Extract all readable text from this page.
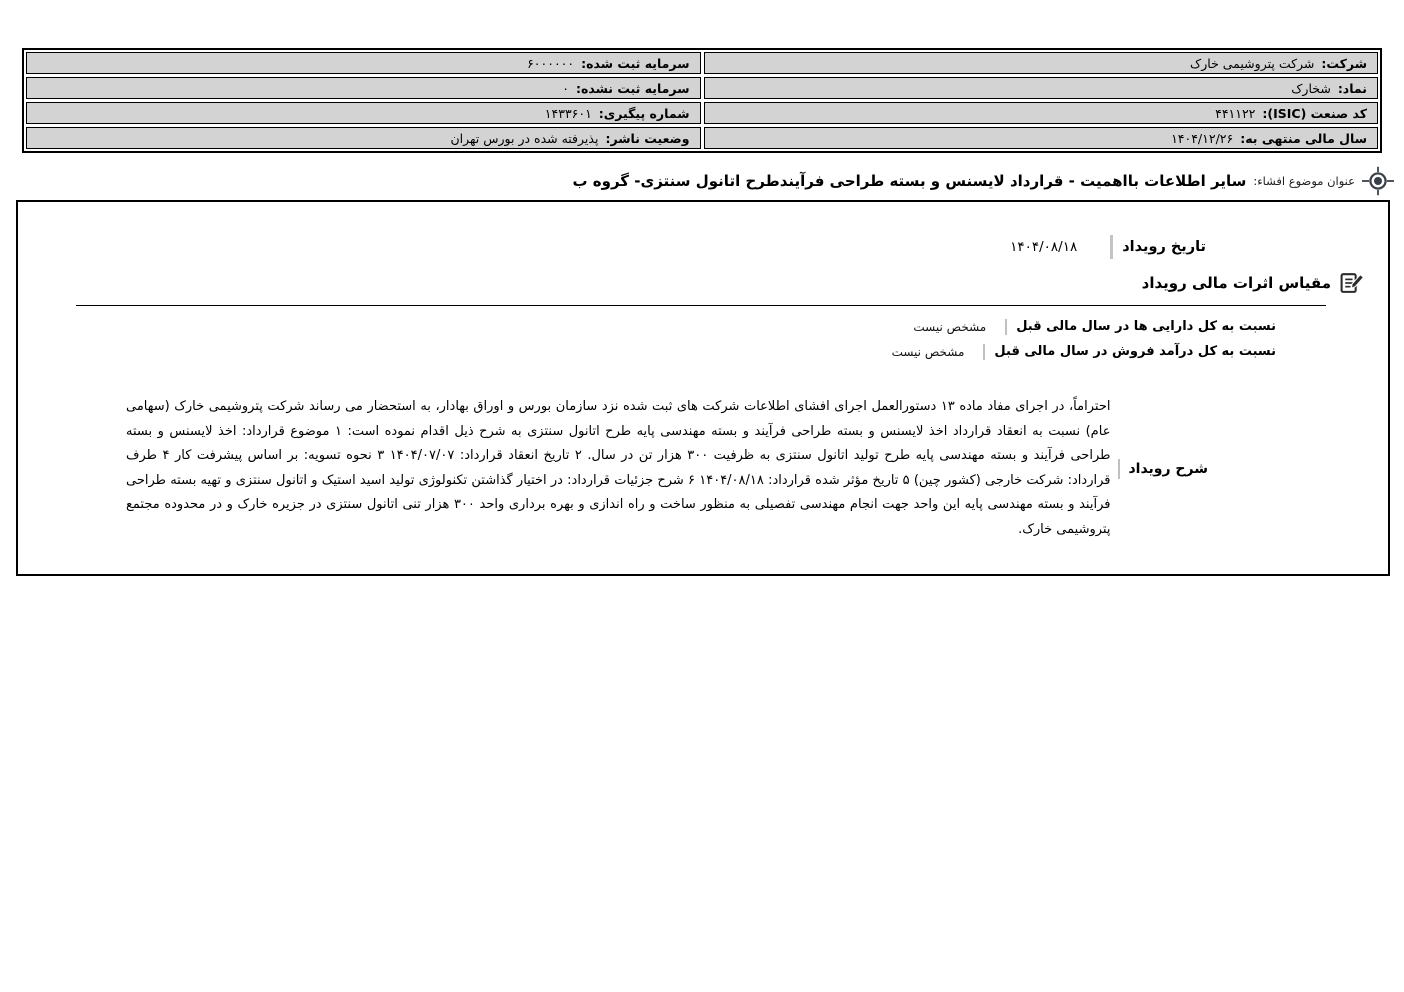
شرکت:
شرکت پتروشیمی خارک
سرمایه ثبت شده:
۶۰۰۰۰۰۰
نماد:
شخارک
سرمایه ثبت نشده:
۰
کد صنعت (ISIC):
۴۴۱۱۲۲
شماره پیگیری:
۱۴۳۳۶۰۱
سال مالی منتهی به:
۱۴۰۴/۱۲/۲۶
وضعیت ناشر:
پذیرفته شده در بورس تهران
عنوان موضوع افشاء:
سایر اطلاعات بااهمیت - قرارداد لایسنس و بسته طراحی فرآیندطرح اتانول سنتزی- گروه ب
تاریخ رویداد
۱۴۰۴/۰۸/۱۸
مقیاس اثرات مالی رویداد
نسبت به کل دارایی ها در سال مالی قبل
مشخص نیست
نسبت به کل درآمد فروش در سال مالی قبل
مشخص نیست
شرح رویداد

احتراماً، در اجرای مفاد ماده ۱۳ دستورالعمل اجرای افشای اطلاعات شرکت های ثبت شده نزد سازمان بورس و اوراق بهادار، به استحضار می رساند شرکت پتروشیمی خارک (سهامی عام) نسبت به انعقاد قرارداد اخذ لایسنس و بسته طراحی فرآیند و بسته مهندسی پایه طرح اتانول سنتزی به شرح ذیل اقدام نموده است: ۱ موضوع قرارداد: اخذ لایسنس و بسته طراحی فرآیند و بسته مهندسی پایه طرح تولید اتانول سنتزی به ظرفیت ۳۰۰ هزار تن در سال. ۲ تاریخ انعقاد قرارداد: ۱۴۰۴/۰۷/۰۷ ۳ نحوه تسویه: بر اساس پیشرفت کار ۴ طرف قرارداد: شرکت خارجی (کشور چین) ۵ تاریخ مؤثر شده قرارداد: ۱۴۰۴/۰۸/۱۸ ۶ شرح جزئیات قرارداد: در اختیار گذاشتن تکنولوژی تولید اسید استیک و اتانول سنتزی و تهیه بسته طراحی فرآیند و بسته مهندسی پایه این واحد جهت انجام مهندسی تفصیلی به منظور ساخت و راه اندازی و بهره برداری واحد ۳۰۰ هزار تنی اتانول سنتزی در جزیره خارک و در محدوده مجتمع پتروشیمی خارک.
